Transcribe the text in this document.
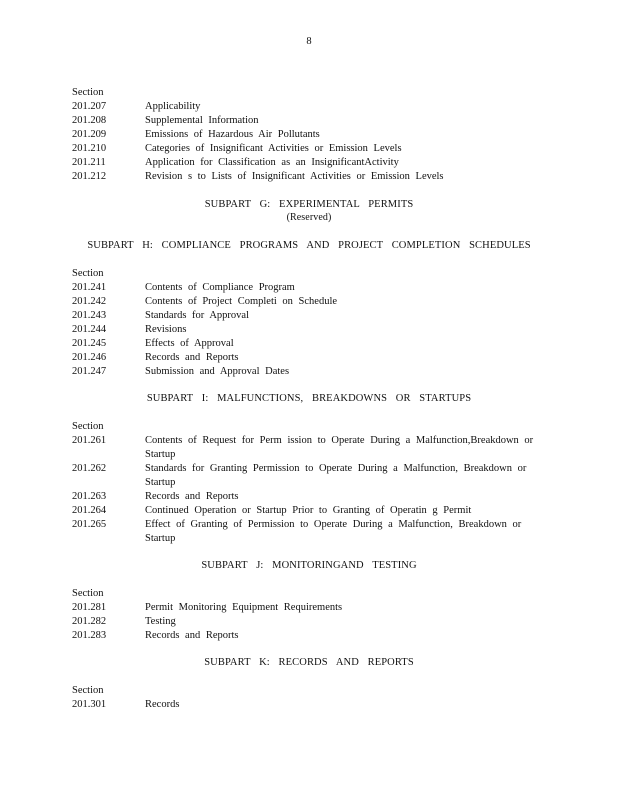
8
Section
201.207	Applicability
201.208	Supplemental Information
201.209	Emissions of Hazardous Air Pollutants
201.210	Categories of Insignificant Activities or Emission Levels
201.211	Application for Classification as an InsignificantActivity
201.212	Revision s to Lists of Insignificant Activities or Emission Levels
SUBPART G: EXPERIMENTAL PERMITS
(Reserved)
SUBPART H: COMPLIANCE PROGRAMS AND PROJECT COMPLETION SCHEDULES
Section
201.241	Contents of Compliance Program
201.242	Contents of Project Completi on Schedule
201.243	Standards for Approval
201.244	Revisions
201.245	Effects of Approval
201.246	Records and Reports
201.247	Submission and Approval Dates
SUBPART I: MALFUNCTIONS, BREAKDOWNS OR STARTUPS
Section
201.261	Contents of Request for Perm ission to Operate During a Malfunction,Breakdown or Startup
201.262	Standards for Granting Permission to Operate During a Malfunction, Breakdown or Startup
201.263	Records and Reports
201.264	Continued Operation or Startup Prior to Granting of Operatin g Permit
201.265	Effect of Granting of Permission to Operate During a Malfunction, Breakdown or Startup
SUBPART J: MONITORINGAND TESTING
Section
201.281	Permit Monitoring Equipment Requirements
201.282	Testing
201.283	Records and Reports
SUBPART K: RECORDS AND REPORTS
Section
201.301	Records
